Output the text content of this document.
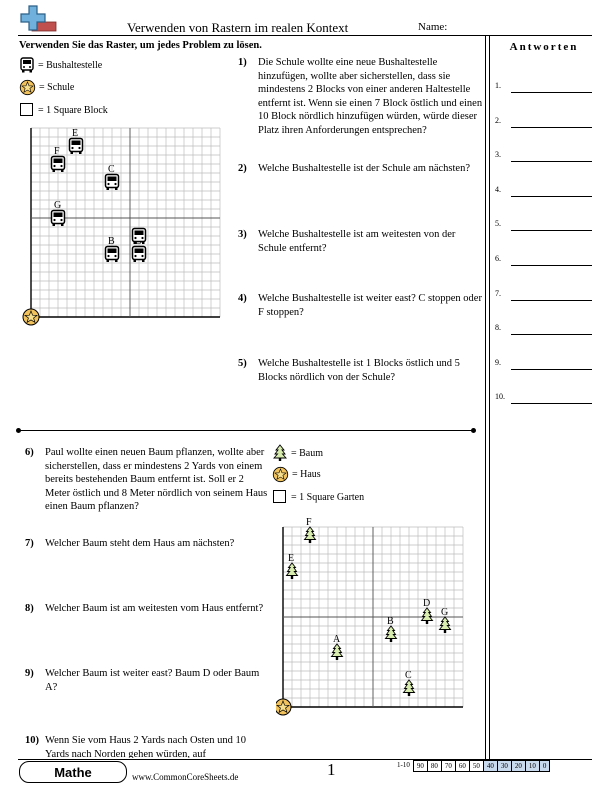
Verwenden von Rastern im realen Kontext	Name:
Verwenden Sie das Raster, um jedes Problem zu lösen.	Antworten
1.
2.
3.
4.
5.
6.
7.
8.
9.
10.
= Bushaltestelle
= Schule
= 1 Square Block
E
F
C
G
B
1) Die Schule wollte eine neue Bushaltestelle hinzufügen, wollte aber sicherstellen, dass sie mindestens 2 Blocks von einer anderen Haltestelle entfernt ist. Wenn sie einen 7 Block östlich und einen 10 Block nördlich hinzufügen würden, würde dieser Platz ihren Anforderungen entsprechen?
2) Welche Bushaltestelle ist der Schule am nächsten?
3) Welche Bushaltestelle ist am weitesten von der Schule entfernt?
4) Welche Bushaltestelle ist weiter east? C stoppen oder F stoppen?
5) Welche Bushaltestelle ist 1 Blocks östlich und 5 Blocks nördlich von der Schule?
= Baum
= Haus
= 1 Square Garten
F
E
D
G
B
A
C
6) Paul wollte einen neuen Baum pflanzen, wollte aber sicherstellen, dass er mindestens 2 Yards von einem bereits bestehenden Baum entfernt ist. Soll er 2 Meter östlich und 8 Meter nördlich von seinem Haus einen Baum pflanzen?
7) Welcher Baum steht dem Haus am nächsten?
8) Welcher Baum ist am weitesten vom Haus entfernt?
9) Welcher Baum ist weiter east? Baum D oder Baum A?
10) Wenn Sie vom Haus 2 Yards nach Osten und 10 Yards nach Norden gehen würden, auf
Mathe	www.CommonCoreSheets.de	1	1-10	90	80	70	60	50	40	30	20	10	0
